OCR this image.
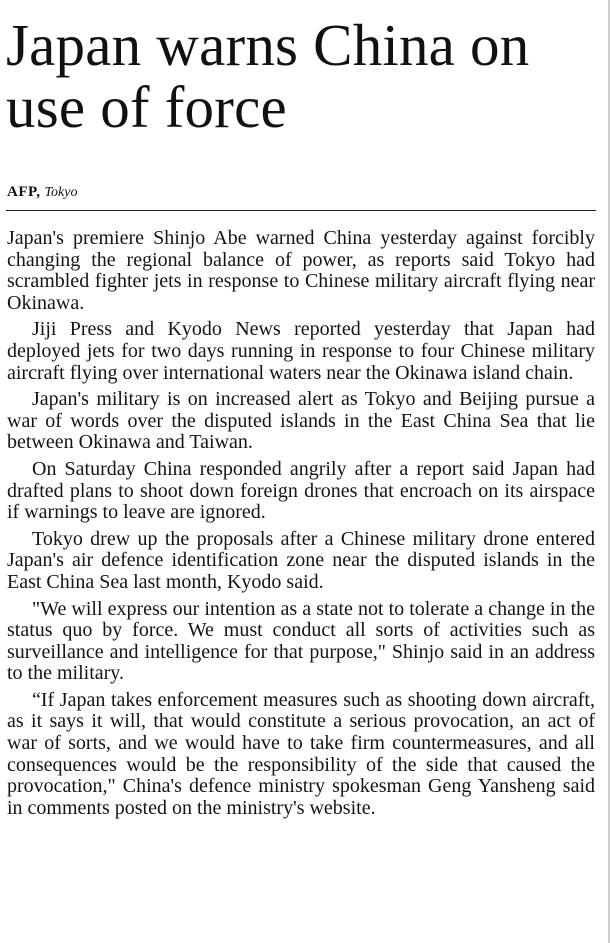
Japan warns China on use of force
AFP, Tokyo

Japan's premiere Shinjo Abe warned China yesterday against forcibly changing the regional balance of power, as reports said Tokyo had scrambled fighter jets in response to Chinese military aircraft flying near Okinawa.

Jiji Press and Kyodo News reported yesterday that Japan had deployed jets for two days running in response to four Chinese military aircraft flying over international waters near the Okinawa island chain.

Japan's military is on increased alert as Tokyo and Beijing pursue a war of words over the disputed islands in the East China Sea that lie between Okinawa and Taiwan.

On Saturday China responded angrily after a report said Japan had drafted plans to shoot down foreign drones that encroach on its airspace if warnings to leave are ignored.

Tokyo drew up the proposals after a Chinese military drone entered Japan's air defence identification zone near the disputed islands in the East China Sea last month, Kyodo said.

"We will express our intention as a state not to tolerate a change in the status quo by force. We must conduct all sorts of activities such as surveillance and intelligence for that purpose," Shinjo said in an address to the military.

“If Japan takes enforcement measures such as shooting down aircraft, as it says it will, that would constitute a serious provocation, an act of war of sorts, and we would have to take firm countermeasures, and all consequences would be the responsibility of the side that caused the provocation," China's defence ministry spokesman Geng Yansheng said in comments posted on the ministry's website.
